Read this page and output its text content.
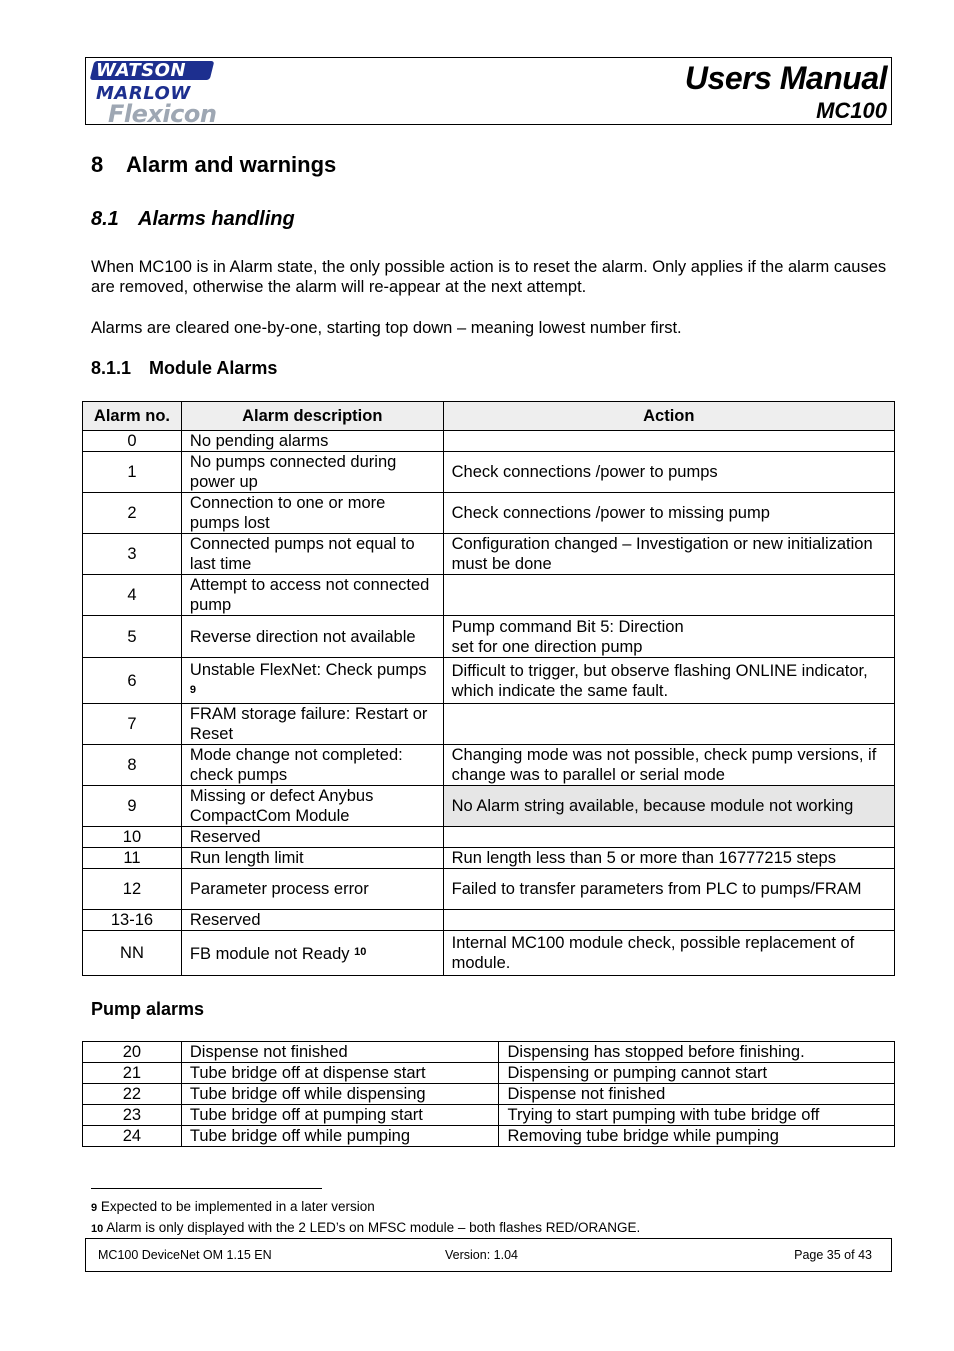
WATSON
MARLOW
Flexicon
Users Manual
MC100
8 Alarm and warnings
8.1 Alarms handling
When MC100 is in Alarm state, the only possible action is to reset the alarm. Only applies if the alarm causes are removed, otherwise the alarm will re-appear at the next attempt.
Alarms are cleared one-by-one, starting top down – meaning lowest number first.
8.1.1 Module Alarms
Alarm no.	Alarm description	Action
0	No pending alarms	
1	No pumps connected during power up	Check connections /power to pumps
2	Connection to one or more pumps lost	Check connections /power to missing pump
3	Connected pumps not equal to last time	Configuration changed – Investigation or new initialization must be done
4	Attempt to access not connected pump	
5	Reverse direction not available	Pump command Bit 5: Direction
set for one direction pump
6	Unstable FlexNet: Check pumps $^9$	Difficult to trigger, but observe flashing ONLINE indicator, which indicate the same fault.
7	FRAM storage failure: Restart or Reset	
8	Mode change not completed: check pumps	Changing mode was not possible, check pump versions, if change was to parallel or serial mode
9	Missing or defect Anybus CompactCom Module	No Alarm string available, because module not working
10	Reserved	
11	Run length limit	Run length less than 5 or more than 16777215 steps
12	Parameter process error	Failed to transfer parameters from PLC to pumps/FRAM
13-16	Reserved	
NN	FB module not Ready $^{10}$	Internal MC100 module check, possible replacement of module.
Pump alarms
20	Dispense not finished	Dispensing has stopped before finishing.
21	Tube bridge off at dispense start	Dispensing or pumping cannot start
22	Tube bridge off while dispensing	Dispense not finished
23	Tube bridge off at pumping start	Trying to start pumping with tube bridge off
24	Tube bridge off while pumping	Removing tube bridge while pumping
9 Expected to be implemented in a later version
10 Alarm is only displayed with the 2 LED’s on MFSC module – both flashes RED/ORANGE.
MC100 DeviceNet OM 1.15 EN	Version: 1.04	Page 35 of 43
